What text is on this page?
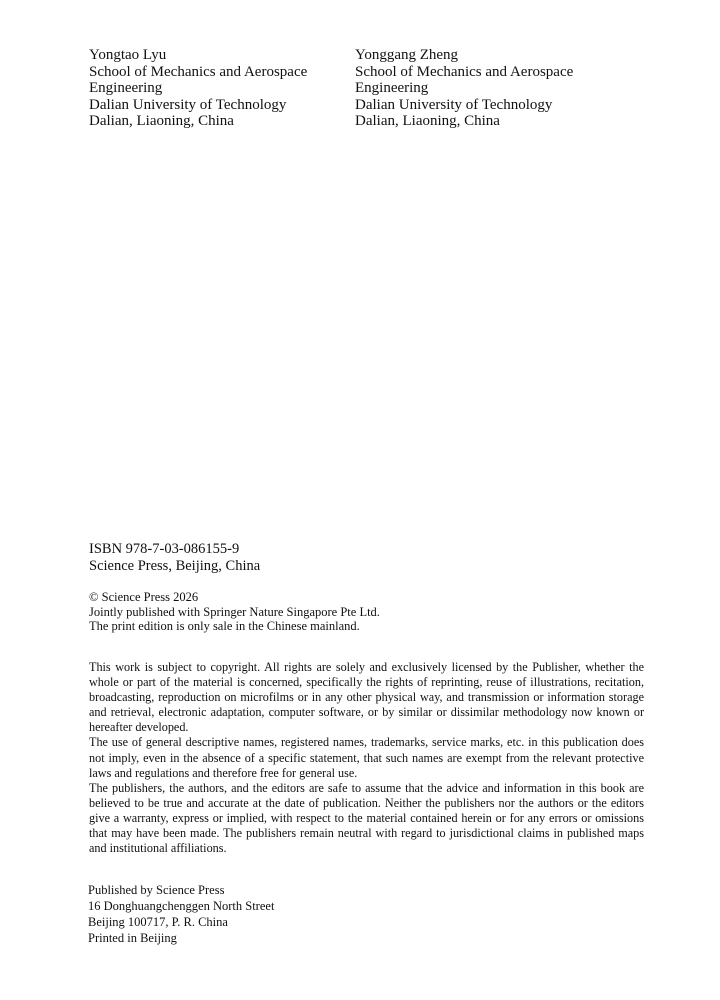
Yongtao Lyu
School of Mechanics and Aerospace
Engineering
Dalian University of Technology
Dalian, Liaoning, China
Yonggang Zheng
School of Mechanics and Aerospace
Engineering
Dalian University of Technology
Dalian, Liaoning, China
ISBN 978-7-03-086155-9
Science Press, Beijing, China
© Science Press 2026
Jointly published with Springer Nature Singapore Pte Ltd.
The print edition is only sale in the Chinese mainland.

This work is subject to copyright. All rights are solely and exclusively licensed by the Publisher, whether the whole or part of the material is concerned, specifically the rights of reprinting, reuse of illustrations, recitation, broadcasting, reproduction on microfilms or in any other physical way, and transmission or information storage and retrieval, electronic adaptation, computer software, or by similar or dissimilar methodology now known or hereafter developed.

The use of general descriptive names, registered names, trademarks, service marks, etc. in this publication does not imply, even in the absence of a specific statement, that such names are exempt from the relevant protective laws and regulations and therefore free for general use.

The publishers, the authors, and the editors are safe to assume that the advice and information in this book are believed to be true and accurate at the date of publication. Neither the publishers nor the authors or the editors give a warranty, express or implied, with respect to the material contained herein or for any errors or omissions that may have been made. The publishers remain neutral with regard to jurisdictional claims in published maps and institutional affiliations.

Published by Science Press
16 Donghuangchenggen North Street
Beijing 100717, P. R. China
Printed in Beijing
